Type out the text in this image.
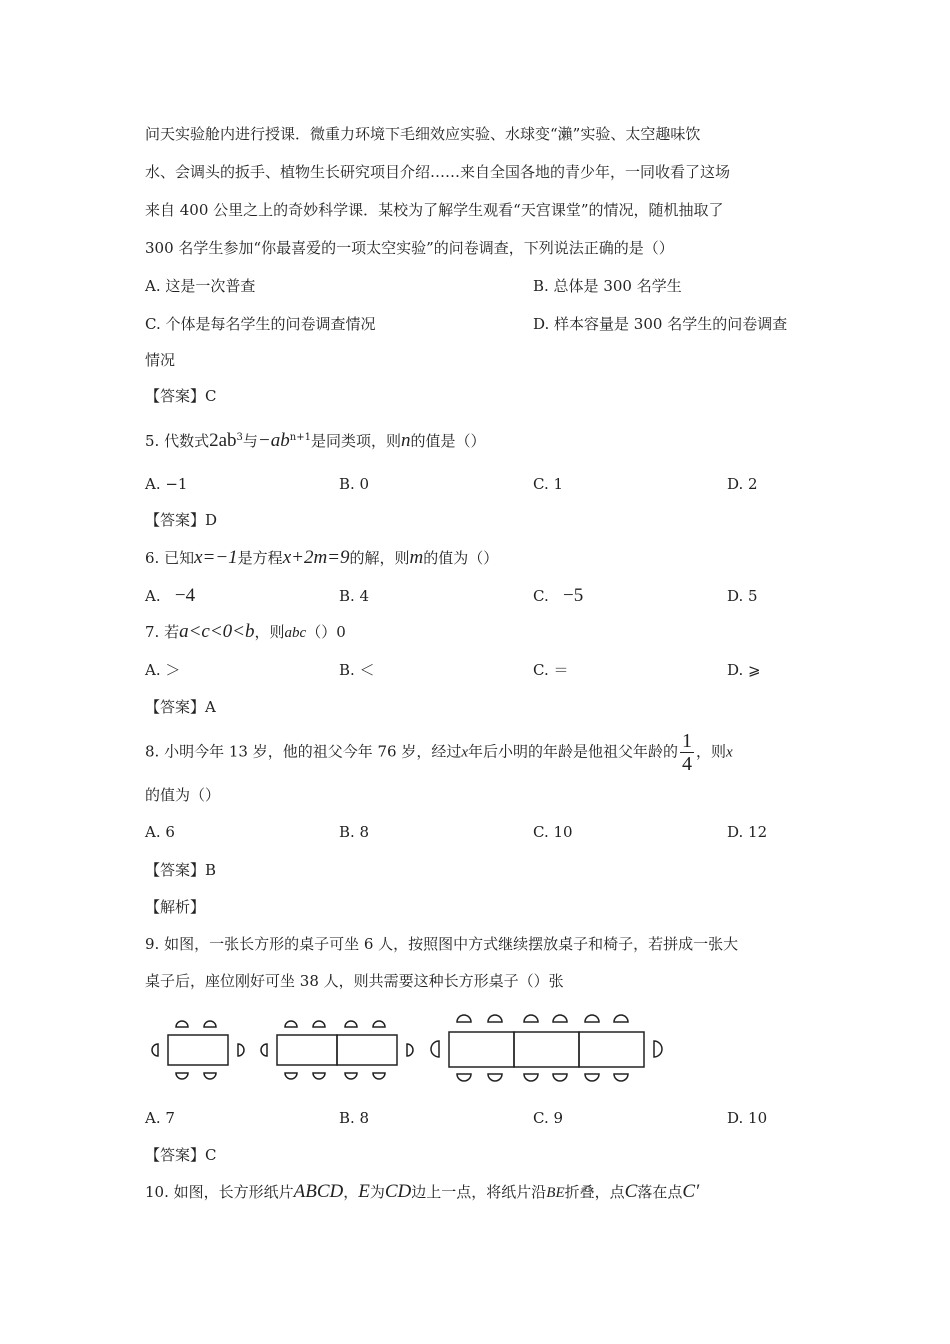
问天实验舱内进行授课．微重力环境下毛细效应实验、水球变“瀨”实验、太空趣味饮
水、会调头的扳手、植物生长研究项目介绍……来自全国各地的青少年，一同收看了这场
来自 400 公里之上的奇妙科学课．某校为了解学生观看“天宫课堂”的情况，随机抽取了
300 名学生参加“你最喜爱的一项太空实验”的问卷调查，下列说法正确的是（）
A. 这是一次普查	B. 总体是 300 名学生
C. 个体是每名学生的问卷调查情况	D. 样本容量是 300 名学生的问卷调查
情况
【答案】C
5. 代数式$2ab^3$与$-ab^{n+1}$是同类项，则n的值是（）
A. −1	B. 0	C. 1	D. 2
【答案】D
6. 已知x=−1是方程x+2m=9的解，则m的值为（）
A. −4	B. 4	C. −5	D. 5
7. 若a<c<0<b，则abc（）0
A. ＞	B. ＜	C. ＝	D. ⩾
【答案】A
8. 小明今年 13 岁，他的祖父今年 76 岁，经过x年后小明的年龄是他祖父年龄的 $\frac{1}{4}$ ，则x
的值为（）
A. 6	B. 8	C. 10	D. 12
【答案】B
【解析】
9. 如图，一张长方形的桌子可坐 6 人，按照图中方式继续摆放桌子和椅子，若拼成一张大
桌子后，座位刚好可坐 38 人，则共需要这种长方形桌子（）张
A. 7	B. 8	C. 9	D. 10
【答案】C
10. 如图，长方形纸片ABCD，E为CD边上一点，将纸片沿BE折叠，点C落在点C′
